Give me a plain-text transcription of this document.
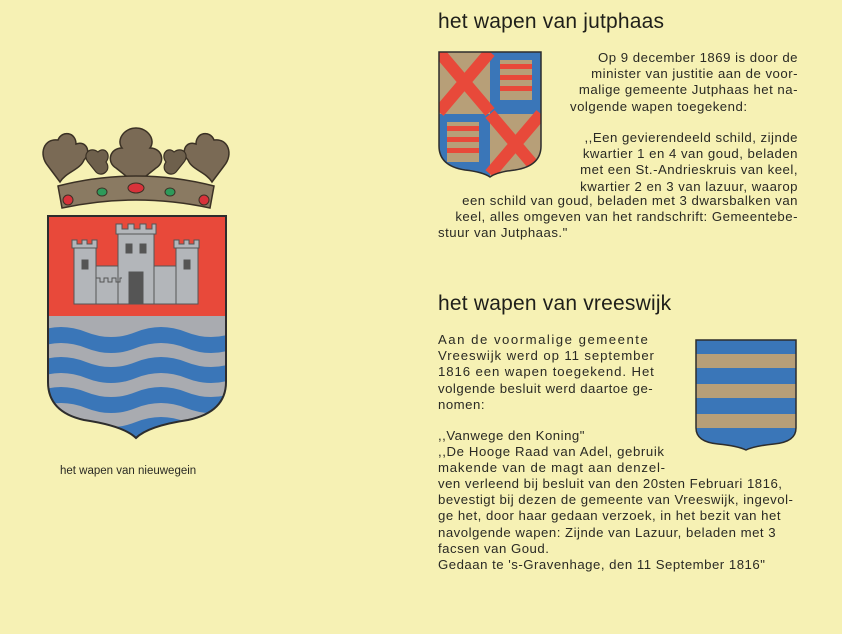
het wapen van nieuwegein
het wapen van jutphaas
Op 9 december 1869 is door de
minister van justitie aan de voor-
malige gemeente Jutphaas het na-
volgende wapen toegekend:
,,Een gevierendeeld schild, zijnde
kwartier 1 en 4 van goud, beladen
met een St.-Andrieskruis van keel,
kwartier 2 en 3 van lazuur, waarop
een schild van goud, beladen met 3 dwarsbalken van
keel, alles omgeven van het randschrift: Gemeentebe-
stuur van Jutphaas."
het wapen van vreeswijk
Aan de voormalige gemeente
Vreeswijk werd op 11 september
1816 een wapen toegekend. Het
volgende besluit werd daartoe ge-
nomen:
,,Vanwege den Koning"
,,De Hooge Raad van Adel, gebruik
makende van de magt aan denzel-
ven verleend bij besluit van den 20sten Februari 1816,
bevestigt bij dezen de gemeente van Vreeswijk, ingevol-
ge het, door haar gedaan verzoek, in het bezit van het
navolgende wapen: Zijnde van Lazuur, beladen met 3
facsen van Goud.
Gedaan te 's-Gravenhage, den 11 September 1816"
